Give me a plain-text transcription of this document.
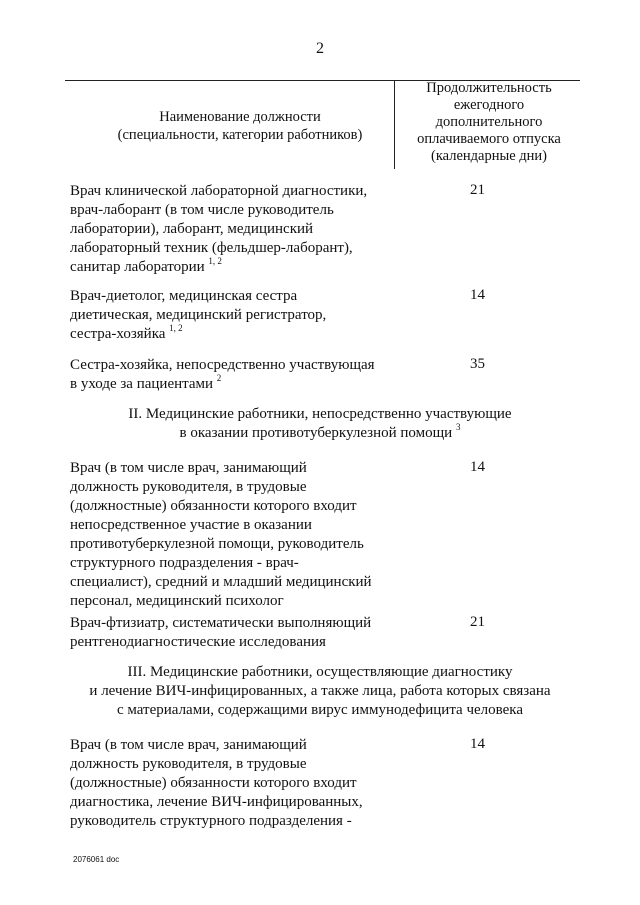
2
Наименование должности
(специальности, категории работников)
Продолжительность
ежегодного
дополнительного
оплачиваемого отпуска
(календарные дни)
Врач клинической лабораторной диагностики,
врач-лаборант (в том числе руководитель
лаборатории), лаборант, медицинский
лабораторный техник (фельдшер-лаборант),
санитар лаборатории $^{1, 2}$
21
Врач-диетолог, медицинская сестра
диетическая, медицинский регистратор,
сестра-хозяйка $^{1, 2}$
14
Сестра-хозяйка, непосредственно участвующая
в уходе за пациентами $^2$
35
II. Медицинские работники, непосредственно участвующие
в оказании противотуберкулезной помощи $^3$
Врач (в том числе врач, занимающий
должность руководителя, в трудовые
(должностные) обязанности которого входит
непосредственное участие в оказании
противотуберкулезной помощи, руководитель
структурного подразделения - врач-
специалист), средний и младший медицинский
персонал, медицинский психолог
14
Врач-фтизиатр, систематически выполняющий
рентгенодиагностические исследования
21
III. Медицинские работники, осуществляющие диагностику
и лечение ВИЧ-инфицированных, а также лица, работа которых связана
с материалами, содержащими вирус иммунодефицита человека
Врач (в том числе врач, занимающий
должность руководителя, в трудовые
(должностные) обязанности которого входит
диагностика, лечение ВИЧ-инфицированных,
руководитель структурного подразделения -
14
2076061 doc
